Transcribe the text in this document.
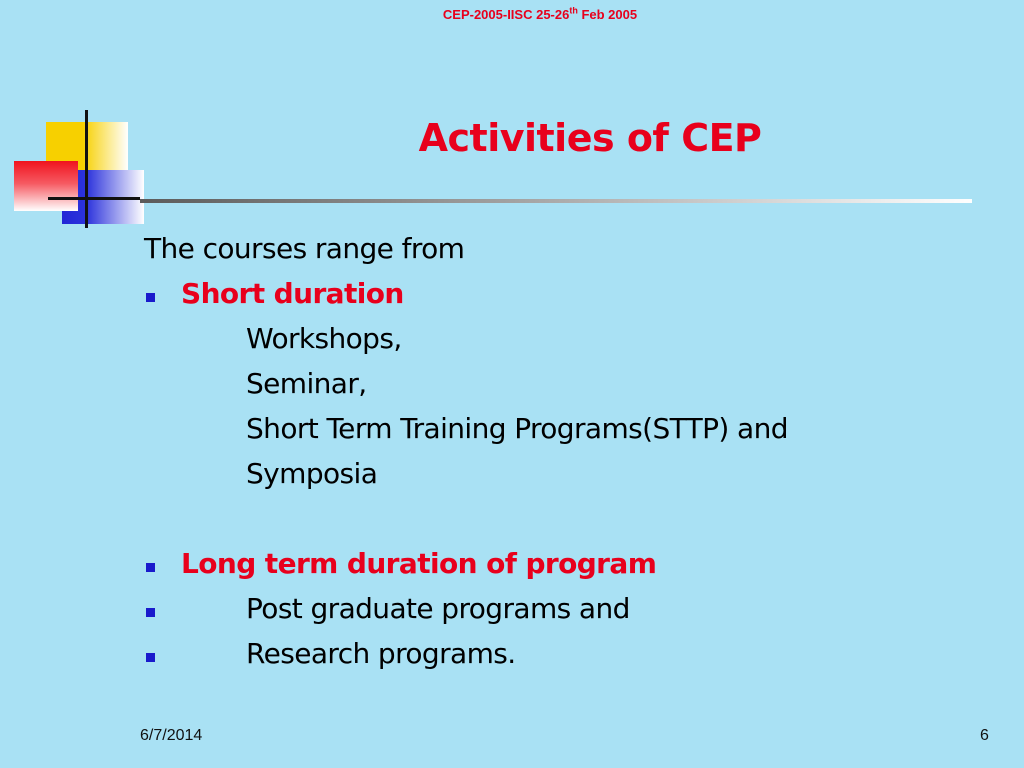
CEP-2005-IISC 25-26th Feb 2005
Activities of CEP
The courses range from
Short duration
Workshops,
Seminar,
Short Term Training Programs(STTP) and
Symposia
Long term duration of program
Post graduate programs and
Research programs.
6/7/2014	6
